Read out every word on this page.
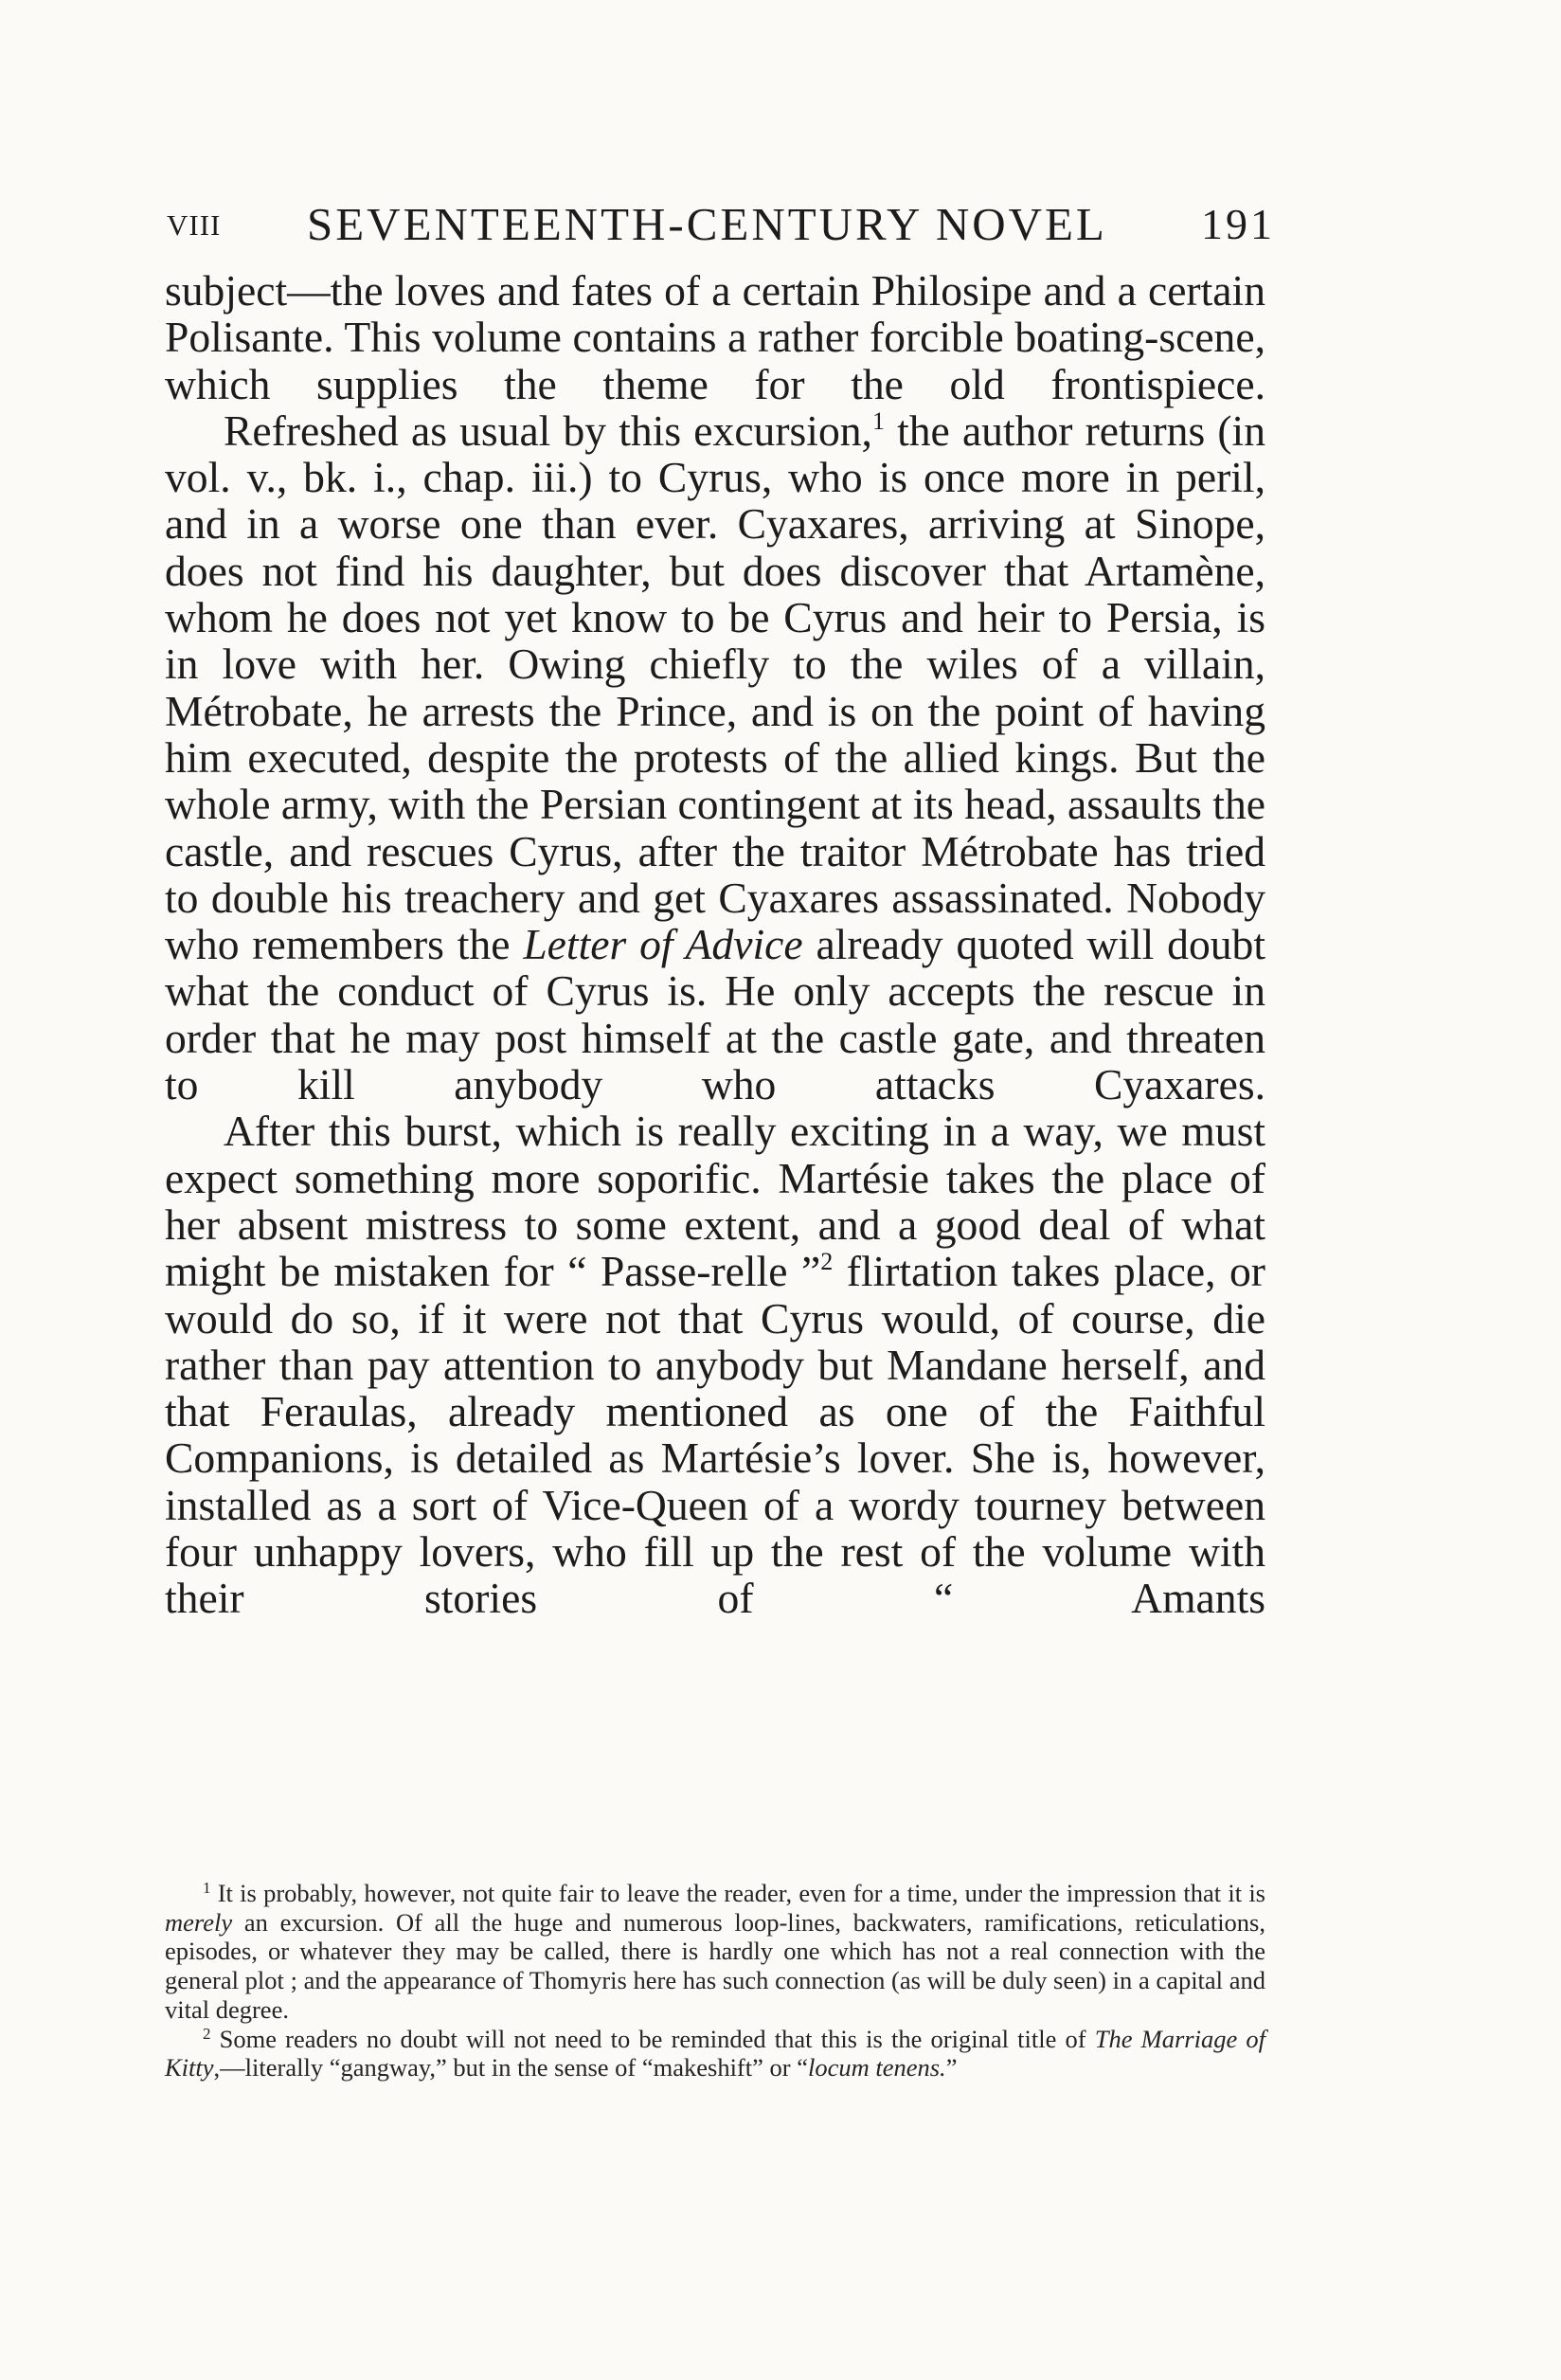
VIII SEVENTEENTH-CENTURY NOVEL 191

subject—the loves and fates of a certain Philosipe and a certain Polisante. This volume contains a rather forcible boating-scene, which supplies the theme for the old frontispiece.

Refreshed as usual by this excursion,$^1$ the author returns (in vol. v., bk. i., chap. iii.) to Cyrus, who is once more in peril, and in a worse one than ever. Cyaxares, arriving at Sinope, does not find his daughter, but does discover that Artamène, whom he does not yet know to be Cyrus and heir to Persia, is in love with her. Owing chiefly to the wiles of a villain, Métrobate, he arrests the Prince, and is on the point of having him executed, despite the protests of the allied kings. But the whole army, with the Persian contingent at its head, assaults the castle, and rescues Cyrus, after the traitor Métrobate has tried to double his treachery and get Cyaxares assassinated. Nobody who remembers the Letter of Advice already quoted will doubt what the conduct of Cyrus is. He only accepts the rescue in order that he may post himself at the castle gate, and threaten to kill anybody who attacks Cyaxares.

After this burst, which is really exciting in a way, we must expect something more soporific. Martésie takes the place of her absent mistress to some extent, and a good deal of what might be mistaken for “ Passe-relle ”$^2$ flirtation takes place, or would do so, if it were not that Cyrus would, of course, die rather than pay attention to anybody but Mandane herself, and that Feraulas, already mentioned as one of the Faithful Companions, is detailed as Martésie’s lover. She is, however, installed as a sort of Vice-Queen of a wordy tourney between four unhappy lovers, who fill up the rest of the volume with their stories of “ Amants

$^1$ It is probably, however, not quite fair to leave the reader, even for a time, under the impression that it is merely an excursion. Of all the huge and numerous loop-lines, backwaters, ramifications, reticulations, episodes, or whatever they may be called, there is hardly one which has not a real connection with the general plot ; and the appearance of Thomyris here has such connection (as will be duly seen) in a capital and vital degree.

$^2$ Some readers no doubt will not need to be reminded that this is the original title of The Marriage of Kitty,—literally “gangway,” but in the sense of “makeshift” or “locum tenens.”
